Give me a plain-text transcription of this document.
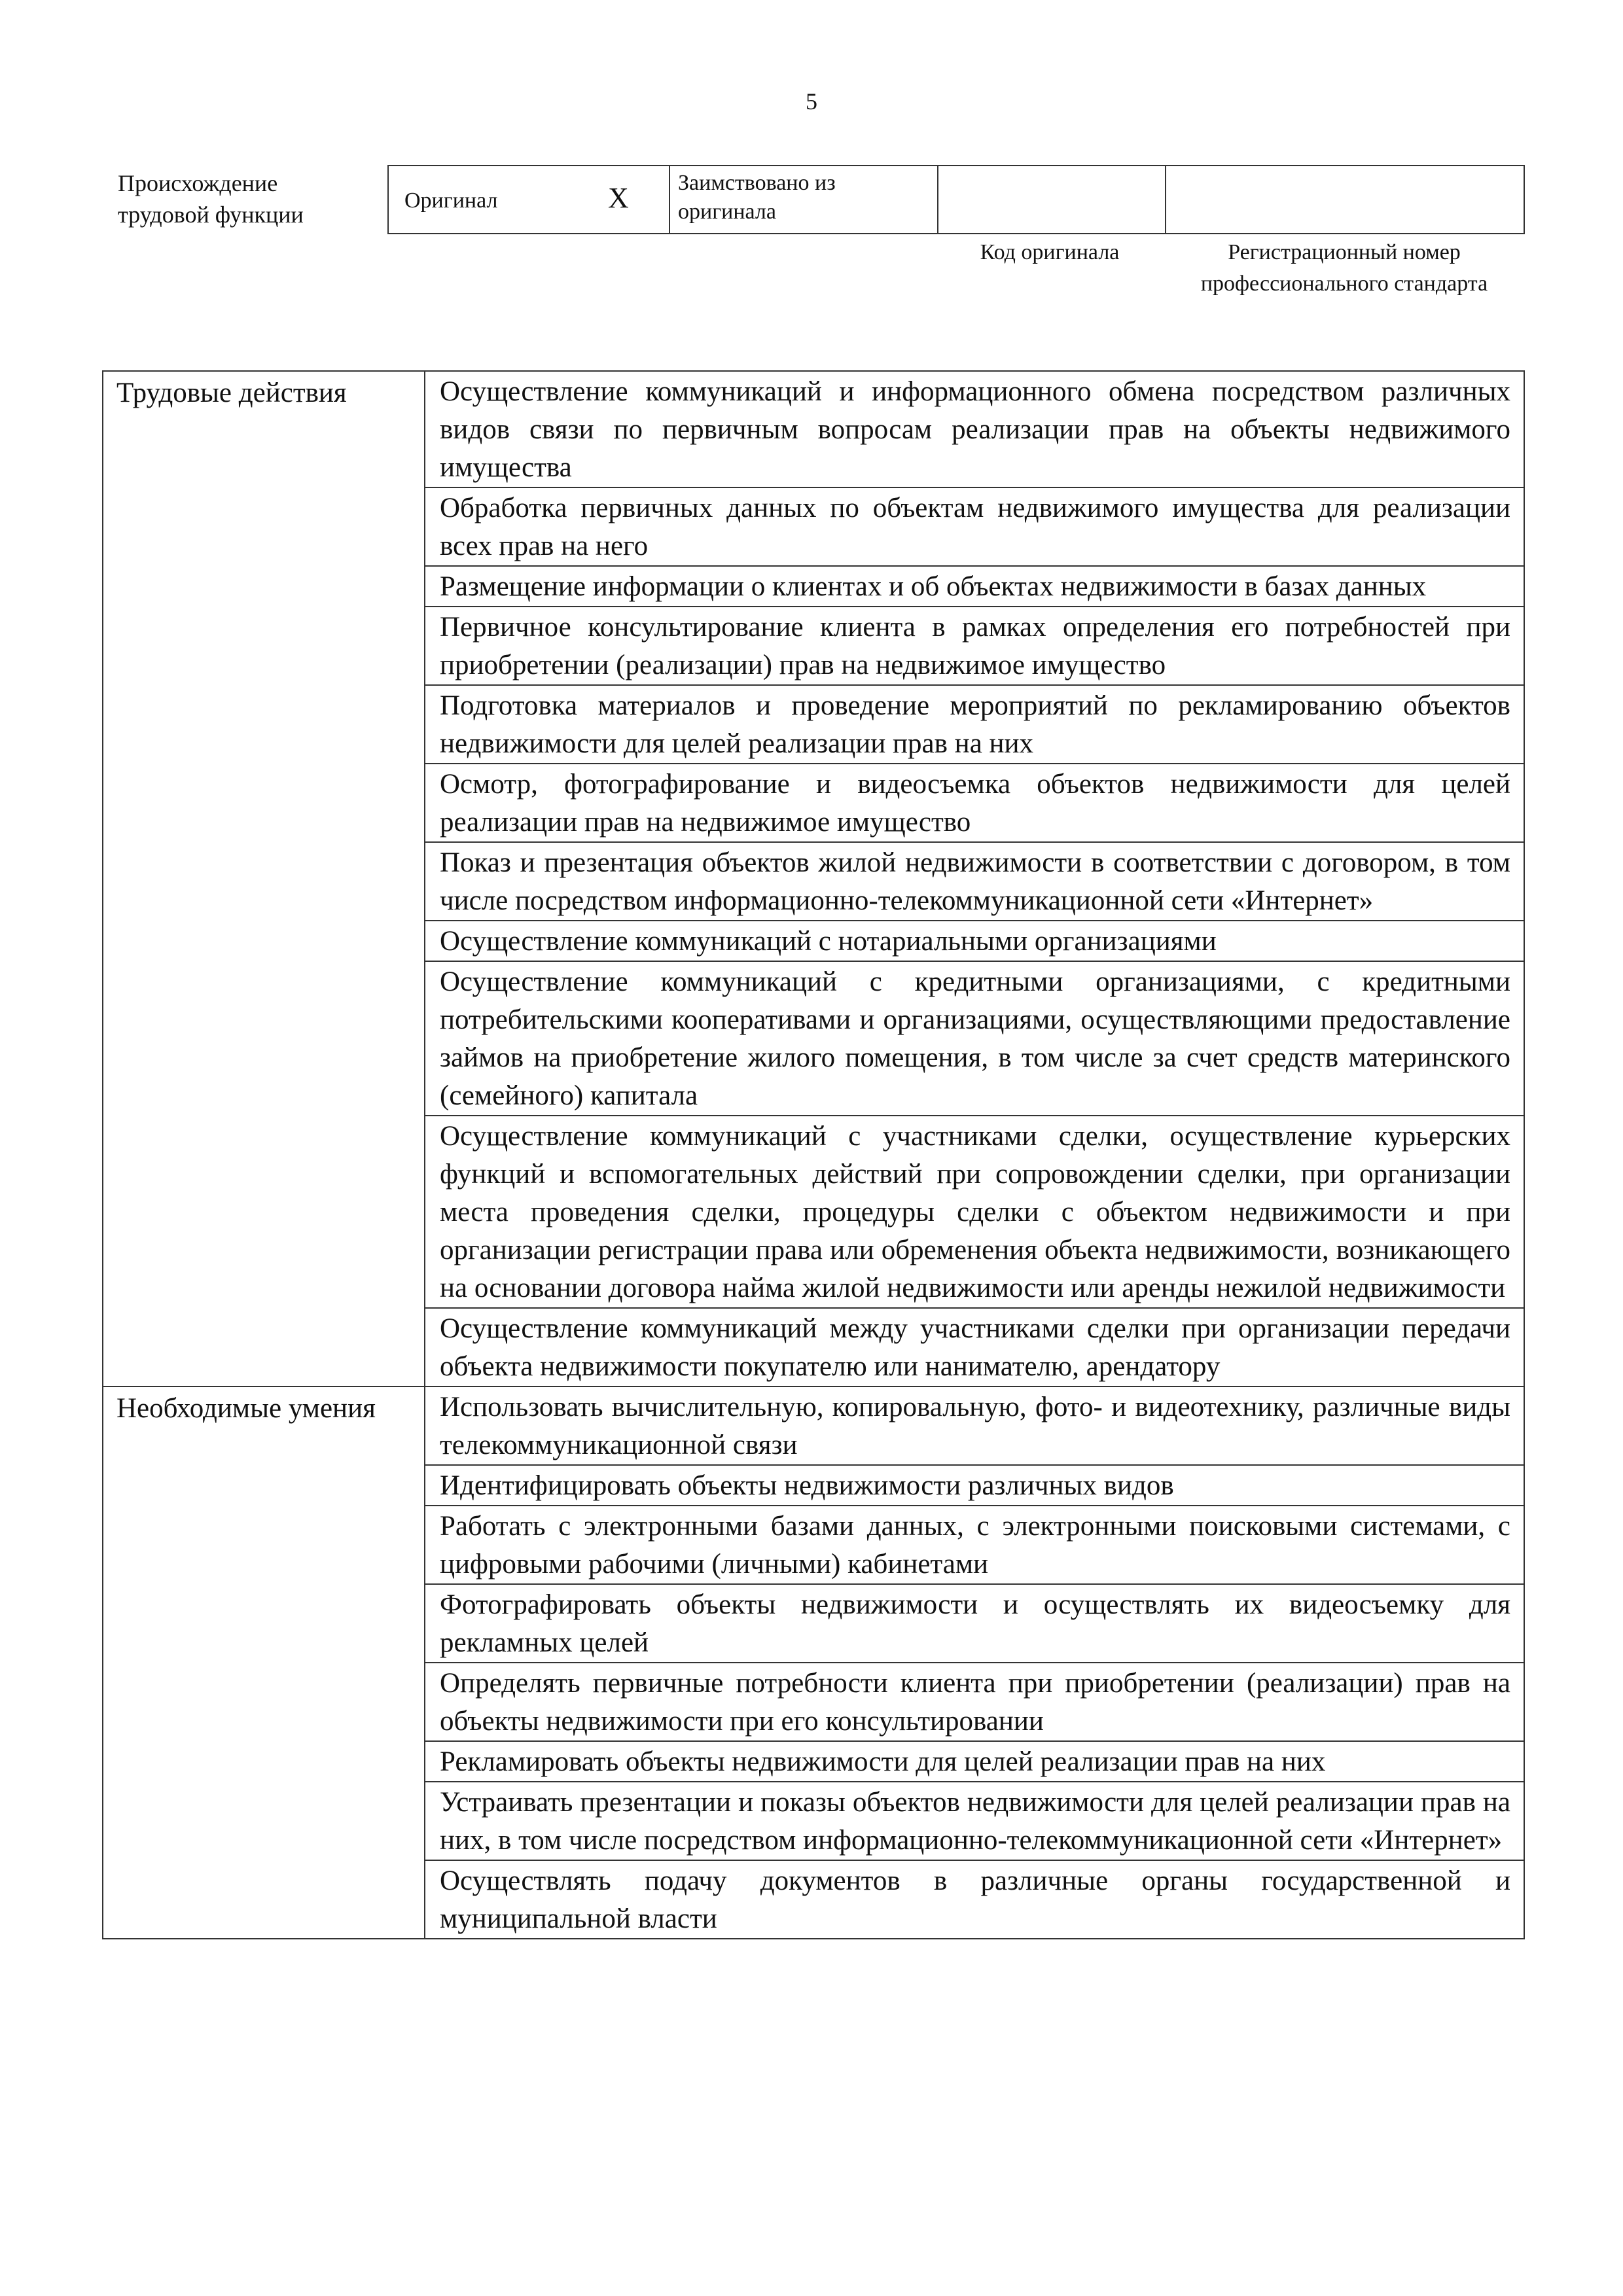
5
Происхождение трудовой функции
Оригинал	X	Заимствовано из оригинала		
Код оригинала	Регистрационный номер профессионального стандарта
Трудовые действия	Осуществление коммуникаций и информационного обмена посредством различных видов связи по первичным вопросам реализации прав на объекты недвижимого имущества

	Обработка первичных данных по объектам недвижимого имущества для реализации всех прав на него

	Размещение информации о клиентах и об объектах недвижимости в базах данных

	Первичное консультирование клиента в рамках определения его потребностей при приобретении (реализации) прав на недвижимое имущество

	Подготовка материалов и проведение мероприятий по рекламированию объектов недвижимости для целей реализации прав на них

	Осмотр, фотографирование и видеосъемка объектов недвижимости для целей реализации прав на недвижимое имущество

	Показ и презентация объектов жилой недвижимости в соответствии с договором, в том числе посредством информационно-телекоммуникационной сети «Интернет»

	Осуществление коммуникаций с нотариальными организациями

	Осуществление коммуникаций с кредитными организациями, с кредитными потребительскими кооперативами и организациями, осуществляющими предоставление займов на приобретение жилого помещения, в том числе за счет средств материнского (семейного) капитала

	Осуществление коммуникаций с участниками сделки, осуществление курьерских функций и вспомогательных действий при сопровождении сделки, при организации места проведения сделки, процедуры сделки с объектом недвижимости и при организации регистрации права или обременения объекта недвижимости, возникающего на основании договора найма жилой недвижимости или аренды нежилой недвижимости

	Осуществление коммуникаций между участниками сделки при организации передачи объекта недвижимости покупателю или нанимателю, арендатору

Необходимые умения	Использовать вычислительную, копировальную, фото- и видеотехнику, различные виды телекоммуникационной связи

	Идентифицировать объекты недвижимости различных видов

	Работать с электронными базами данных, с электронными поисковыми системами, с цифровыми рабочими (личными) кабинетами

	Фотографировать объекты недвижимости и осуществлять их видеосъемку для рекламных целей

	Определять первичные потребности клиента при приобретении (реализации) прав на объекты недвижимости при его консультировании

	Рекламировать объекты недвижимости для целей реализации прав на них

	Устраивать презентации и показы объектов недвижимости для целей реализации прав на них, в том числе посредством информационно-телекоммуникационной сети «Интернет»

	Осуществлять подачу документов в различные органы государственной и муниципальной власти
